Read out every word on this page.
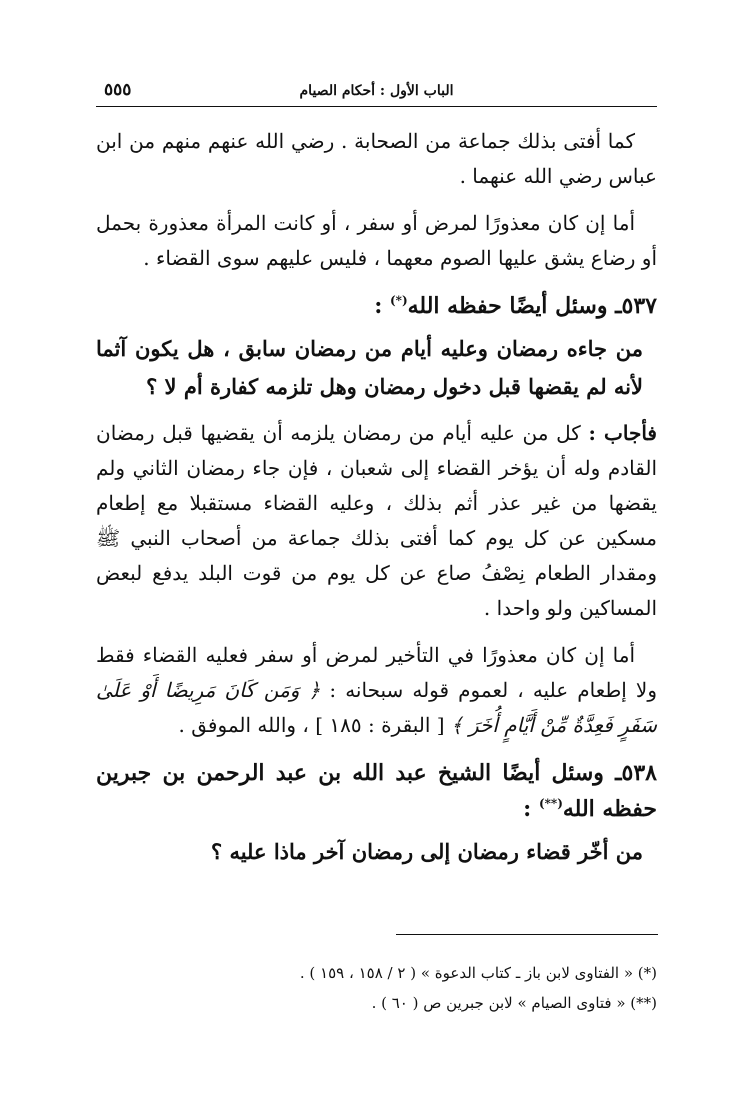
٥٥٥	الباب الأول : أحكام الصيام

كما أفتى بذلك جماعة من الصحابة . رضي الله عنهم منهم من ابن عباس رضي الله عنهما .

أما إن كان معذورًا لمرض أو سفر ، أو كانت المرأة معذورة بحمل أو رضاع يشق عليها الصوم معهما ، فليس عليهم سوى القضاء .

٥٣٧ـ وسئل أيضًا حفظه الله(*) :

من جاءه رمضان وعليه أيام من رمضان سابق ، هل يكون آثما لأنه لم يقضها قبل دخول رمضان وهل تلزمه كفارة أم لا ؟

فأجاب : كل من عليه أيام من رمضان يلزمه أن يقضيها قبل رمضان القادم وله أن يؤخر القضاء إلى شعبان ، فإن جاء رمضان الثاني ولم يقضها من غير عذر أثم بذلك ، وعليه القضاء مستقبلا مع إطعام مسكين عن كل يوم كما أفتى بذلك جماعة من أصحاب النبي ﷺ ومقدار الطعام نِصْفُ صاع عن كل يوم من قوت البلد يدفع لبعض المساكين ولو واحدا .

أما إن كان معذورًا في التأخير لمرض أو سفر فعليه القضاء فقط ولا إطعام عليه ، لعموم قوله سبحانه : ﴿ وَمَن كَانَ مَرِيضًا أَوْ عَلَىٰ سَفَرٍ فَعِدَّةٌ مِّنْ أَيَّامٍ أُخَرَ ﴾ [ البقرة : ١٨٥ ] ، والله الموفق .

٥٣٨ـ وسئل أيضًا الشيخ عبد الله بن عبد الرحمن بن جبرين حفظه الله(**) :

من أخّر قضاء رمضان إلى رمضان آخر ماذا عليه ؟

(*) « الفتاوى لابن باز ـ كتاب الدعوة » ( ٢ / ١٥٨ ، ١٥٩ ) .

(**) « فتاوى الصيام » لابن جبرين ص ( ٦٠ ) .
